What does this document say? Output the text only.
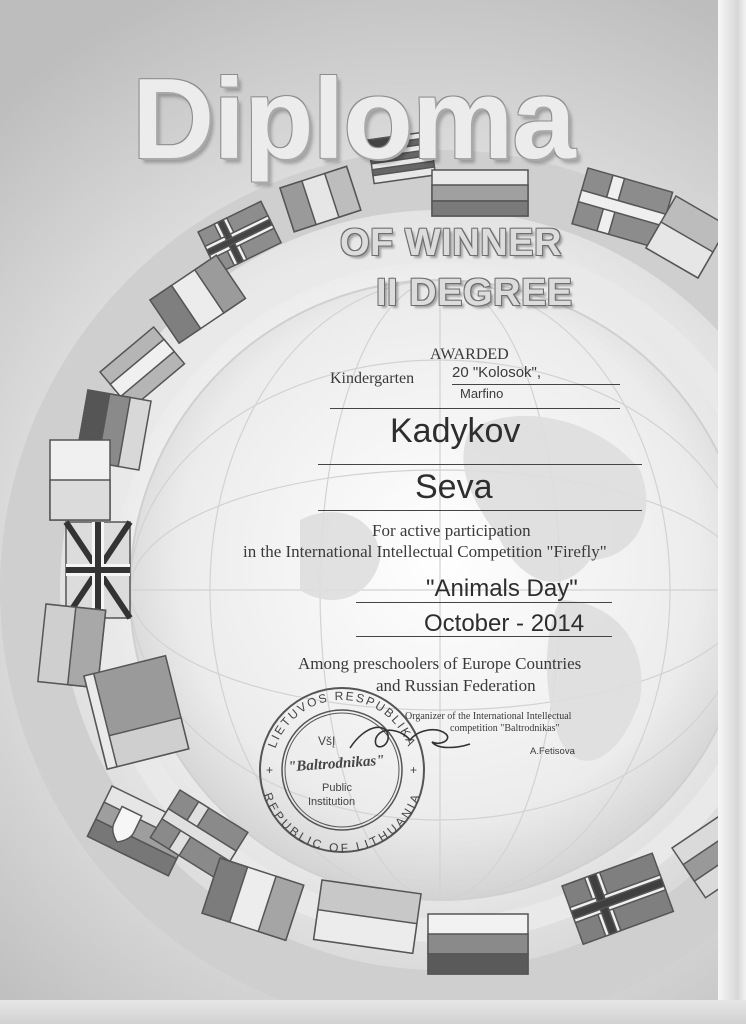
LIETUVOS RESPUBLIKA
REPUBLIC OF LITHUANIA
+	+
Diploma
OF WINNER
II DEGREE
AWARDED
Kindergarten	20 "Kolosok",
Marfino
Kadykov
Seva
For active participation
in the International Intellectual Competition "Firefly"
"Animals Day"
October - 2014
Among preschoolers of Europe Countries
and Russian Federation
Organizer of the International Intellectual
competition "Baltrodnikas"
A.Fetisova
VšĮ
"Baltrodnikas"
Public
Institution
